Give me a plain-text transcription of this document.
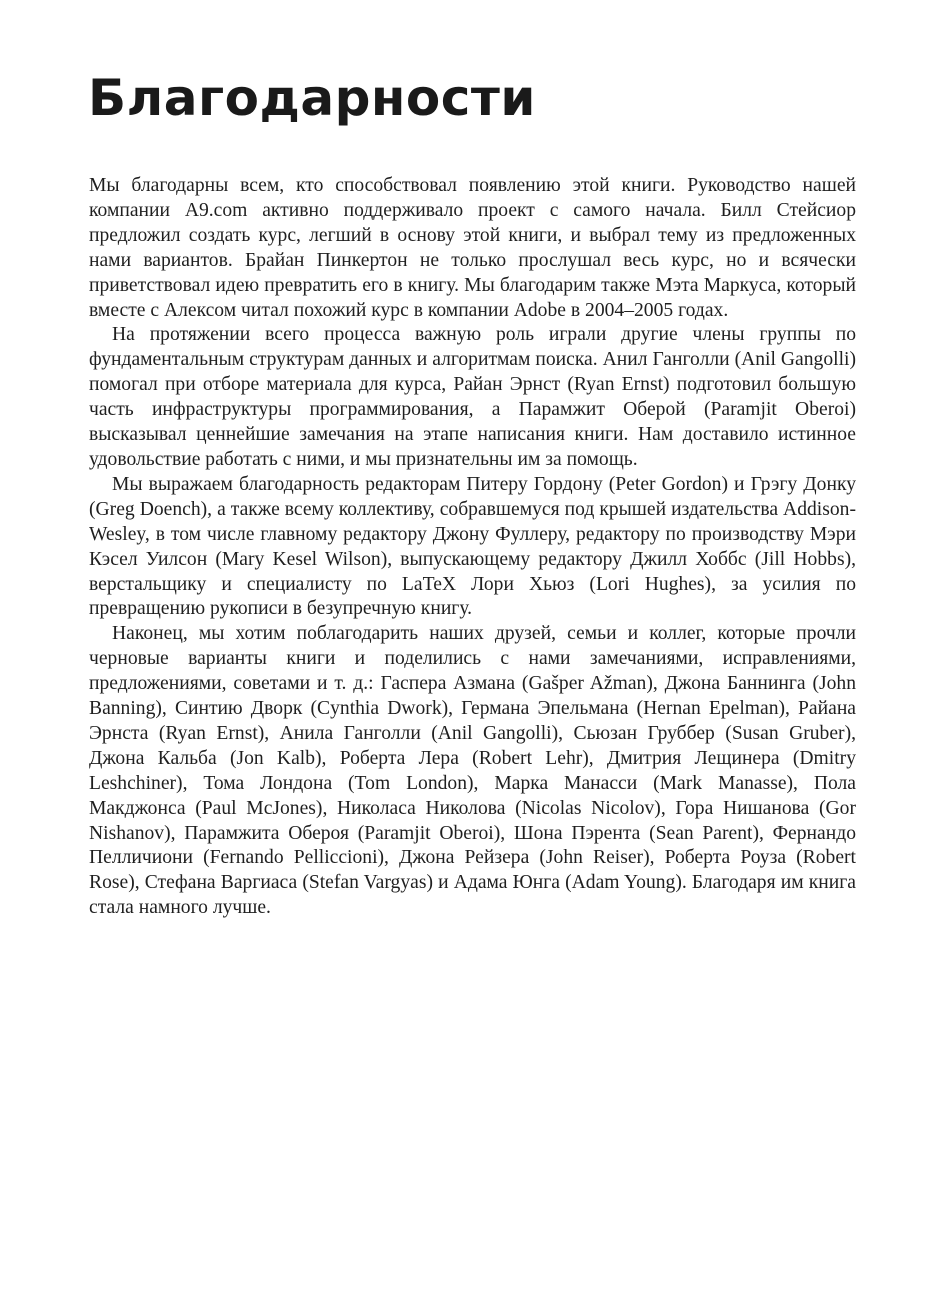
Благодарности

Мы благодарны всем, кто способствовал появлению этой книги. Руководство нашей компании A9.com активно поддерживало проект с самого начала. Билл Стейсиор предложил создать курс, легший в основу этой книги, и выбрал тему из предложенных нами вариантов. Брайан Пинкертон не только прослушал весь курс, но и всячески приветствовал идею превратить его в книгу. Мы благодарим также Мэта Маркуса, который вместе с Алексом читал похожий курс в компании Adobe в 2004–2005 годах.

На протяжении всего процесса важную роль играли другие члены группы по фундаментальным структурам данных и алгоритмам поиска. Анил Ганголли (Anil Gangolli) помогал при отборе материала для курса, Райан Эрнст (Ryan Ernst) подготовил большую часть инфраструктуры программирования, а Парамжит Оберой (Paramjit Oberoi) высказывал ценнейшие замечания на этапе написания книги. Нам доставило истинное удовольствие работать с ними, и мы признательны им за помощь.

Мы выражаем благодарность редакторам Питеру Гордону (Peter Gordon) и Грэгу Донку (Greg Doench), а также всему коллективу, собравшемуся под крышей издательства Addison-Wesley, в том числе главному редактору Джону Фуллеру, редактору по производству Мэри Кэсел Уилсон (Mary Kesel Wilson), выпускающему редактору Джилл Хоббс (Jill Hobbs), верстальщику и специалисту по LaTeX Лори Хьюз (Lori Hughes), за усилия по превращению рукописи в безупречную книгу.

Наконец, мы хотим поблагодарить наших друзей, семьи и коллег, которые прочли черновые варианты книги и поделились с нами замечаниями, исправлениями, предложениями, советами и т. д.: Гаспера Азмана (Gašper Ažman), Джона Баннинга (John Banning), Синтию Дворк (Cynthia Dwork), Германа Эпельмана (Hernan Epelman), Райана Эрнста (Ryan Ernst), Анила Ганголли (Anil Gangolli), Сьюзан Груббер (Susan Gruber), Джона Кальба (Jon Kalb), Роберта Лера (Robert Lehr), Дмитрия Лещинера (Dmitry Leshchiner), Тома Лондона (Tom London), Марка Манасси (Mark Manasse), Пола Макджонса (Paul McJones), Николаса Николова (Nicolas Nicolov), Гора Нишанова (Gor Nishanov), Парамжита Обероя (Paramjit Oberoi), Шона Пэрента (Sean Parent), Фернандо Пелличиони (Fernando Pelliccioni), Джона Рейзера (John Reiser), Роберта Роуза (Robert Rose), Стефана Варгиаса (Stefan Vargyas) и Адама Юнга (Adam Young). Благодаря им книга стала намного лучше.
